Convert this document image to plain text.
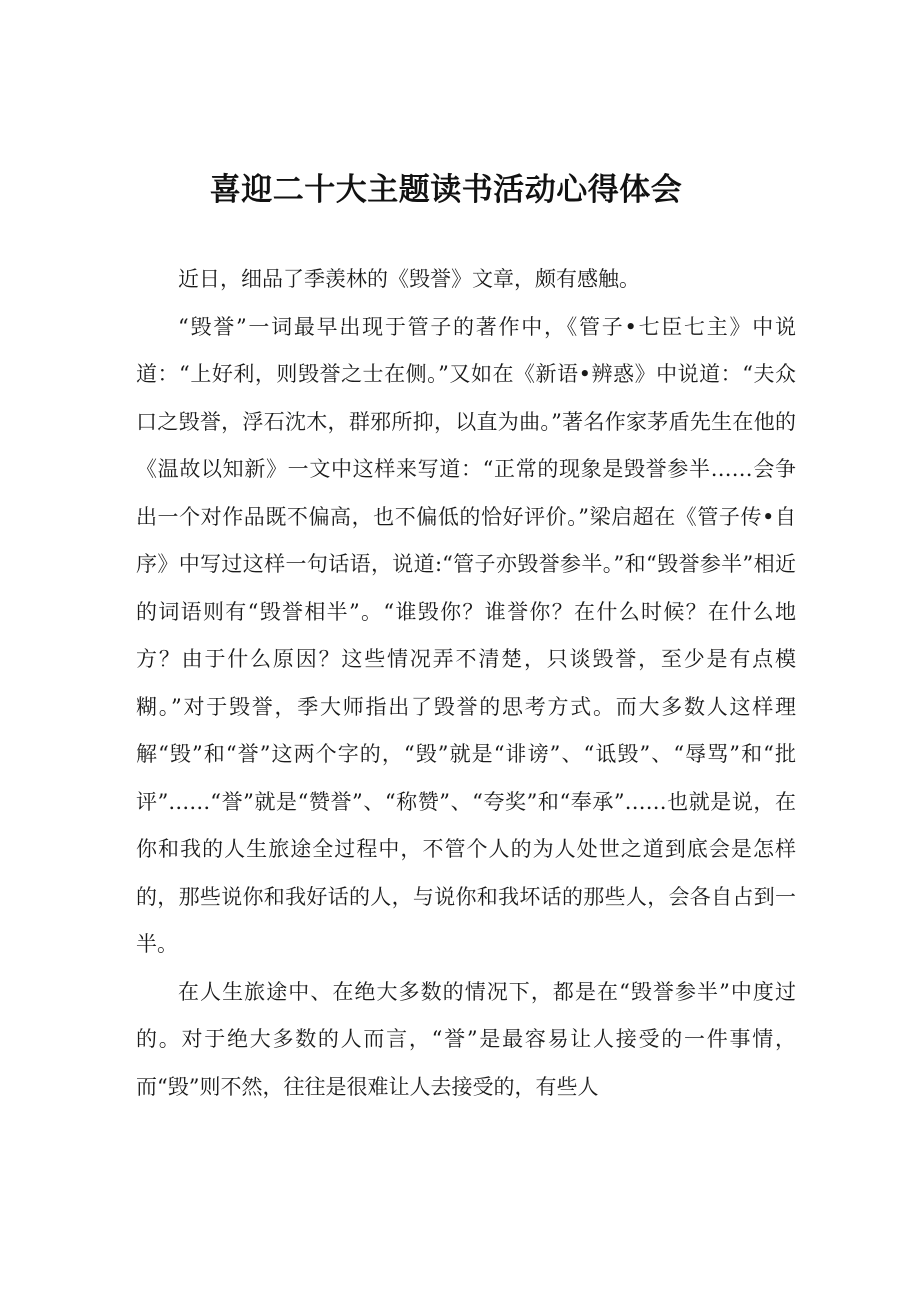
喜迎二十大主题读书活动心得体会

近日，细品了季羡林的《毁誉》文章，颇有感触。

“毁誉”一词最早出现于管子的著作中，《管子•七臣七主》中说道：“上好利，则毁誉之士在侧。”又如在《新语•辨惑》中说道：“夫众口之毁誉，浮石沈木，群邪所抑，以直为曲。”著名作家茅盾先生在他的《温故以知新》一文中这样来写道：“正常的现象是毁誉参半……会争出一个对作品既不偏高，也不偏低的恰好评价。”梁启超在《管子传•自序》中写过这样一句话语，说道:“管子亦毁誉参半。”和“毁誉参半”相近的词语则有“毁誉相半”。“谁毁你？谁誉你？在什么时候？在什么地方？由于什么原因？这些情况弄不清楚，只谈毁誉，至少是有点模糊。”对于毁誉，季大师指出了毁誉的思考方式。而大多数人这样理解“毁”和“誉”这两个字的，“毁”就是“诽谤”、“诋毁”、“辱骂”和“批评”……“誉”就是“赞誉”、“称赞”、“夸奖”和“奉承”……也就是说，在你和我的人生旅途全过程中，不管个人的为人处世之道到底会是怎样的，那些说你和我好话的人，与说你和我坏话的那些人，会各自占到一半。

在人生旅途中、在绝大多数的情况下，都是在“毁誉参半”中度过的。对于绝大多数的人而言，“誉”是最容易让人接受的一件事情，而“毁”则不然，往往是很难让人去接受的，有些人
